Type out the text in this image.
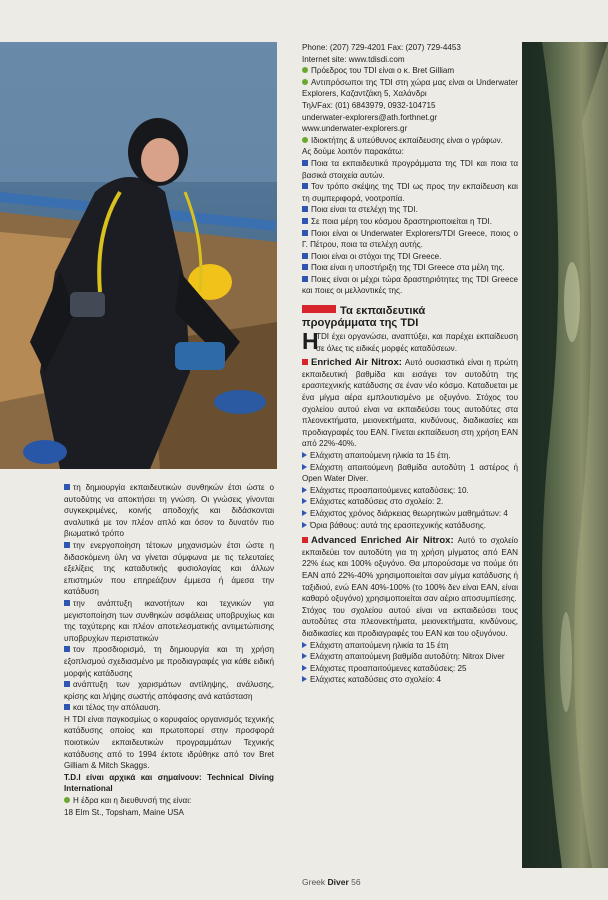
τη δημιουργία εκπαιδευτικών συνθηκών έτσι ώστε ο αυτοδύτης να αποκτήσει τη γνώση. Οι γνώσεις γίνονται συγκεκριμένες, κοινής αποδοχής και διδάσκονται αναλυτικά με τον πλέον απλό και όσον το δυνατόν πιο βιωματικό τρόπο

την ενεργοποίηση τέτοιων μηχανισμών έτσι ώστε η διδασκόμενη ύλη να γίνεται σύμφωνα με τις τελευταίες εξελίξεις της καταδυτικής φυσιολογίας και άλλων επιστημών που επηρεάζουν έμμεσα ή άμεσα την κατάδυση

την ανάπτυξη ικανοτήτων και τεχνικών για μεγιστοποίηση των συνθηκών ασφάλειας υποβρυχίως και της ταχύτερης και πλέον αποτελεσματικής αντιμετώπισης υποβρυχίων περιστατικών

τον προσδιορισμό, τη δημιουργία και τη χρήση εξοπλισμού σχεδιασμένο με προδιαγραφές για κάθε ειδική μορφής κατάδυσης

ανάπτυξη των χαρισμάτων αντίληψης, ανάλυσης, κρίσης και λήψης σωστής απόφασης ανά κατάσταση

και τέλος την απόλαυση.

Η TDI είναι παγκοσμίως ο κορυφαίος οργανισμός τεχνικής κατάδυσης οποίος και πρωτοπορεί στην προσφορά ποιοτικών εκπαιδευτικών προγραμμάτων Τεχνικής κατάδυσης από το 1994 έκτοτε ιδρύθηκε από τον Bret Gilliam & Mitch Skaggs.

T.D.I είναι αρχικά και σημαίνουν: Technical Diving International

Η έδρα και η διευθυνσή της είναι:

18 Elm St., Topsham, Maine USA

Phone: (207) 729-4201 Fax: (207) 729-4453

Internet site: www.tdisdi.com

Πρόεδρος του TDI είναι o κ. Bret Gilliam

Αντιπρόσωποι της TDI στη χώρα μας είναι οι Underwater Explorers, Καζαντζάκη 5, Χαλάνδρι

Τηλ/Fax: (01) 6843979, 0932-104715

underwater-explorers@ath.forthnet.gr

www.underwater-explorers.gr

Ιδιοκτήτης & υπεύθυνος εκπαίδευσης είναι ο γράφων.

Ας δούμε λοιπόν παρακάτω:

Ποια τα εκπαιδευτικά προγράμματα της TDI και ποια τα βασικά στοιχεία αυτών.

Τον τρόπο σκέψης της TDI ως προς την εκπαίδευση και τη συμπεριφορά, νοοτροπία.

Ποια είναι τα στελέχη της TDI.

Σε ποια μέρη του κόσμου δραστηριοποιείται η TDI.

Ποιοι είναι οι Underwater Explorers/TDI Greece, ποιος ο Γ. Πέτρου, ποια τα στελέχη αυτής.

Ποιοι είναι οι στόχοι της TDI Greece.

Ποια είναι η υποστήριξη της TDI Greece στα μέλη της.

Ποιες είναι οι μέχρι τώρα δραστηριότητες της TDI Greece και ποιες οι μελλοντικές της.

Τα εκπαιδευτικά
προγράμματα της TDI

Η
TDI έχει οργανώσει, αναπτύξει, και παρέχει εκπαίδευση σε όλες τις ειδικές μορφές καταδύσεων.

Enriched Air Nitrox: Αυτό ουσιαστικά είναι η πρώτη εκπαιδευτική βαθμίδα και εισάγει τον αυτοδύτη της ερασιτεχνικής κατάδυσης σε έναν νέο κόσμο. Καταδυεται με ένα μίγμα αέρα εμπλουτισμένο με οξυγόνο. Στόχος του σχολείου αυτού είναι να εκπαιδεύσει τους αυτοδύτες στα πλεονεκτήματα, μειονεκτήματα, κινδύνους, διαδικασίες και προδιαγραφές του EAN. Γίνεται εκπαίδευση στη χρήση EAN από 22%-40%.

Ελάχιστη απαιτούμενη ηλικία τα 15 έτη.

Ελάχιστη απαιτούμενη βαθμίδα αυτοδύτη 1 αστέρος ή Open Water Diver.

Ελάχιστες προαπαιτούμενες καταδύσεις: 10.

Ελάχιστες καταδύσεις στο σχολείο: 2.

Ελάχιστος χρόνος διάρκειας θεωρητικών μαθημάτων: 4

Όρια βάθους: αυτά της ερασιτεχνικής κατάδυσης.

Advanced Enriched Air Nitrox: Αυτό το σχολείο εκπαιδεύει τον αυτοδύτη για τη χρήση μίγματος από EAN 22% έως και 100% οξυγόνο. Θα μπορούσαμε να πούμε ότι EAN από 22%-40% χρησιμοποιείται σαν μίγμα κατάδυσης ή ταξιδιού, ενώ EAN 40%-100% (το 100% δεν είναι EAN, είναι καθαρό οξυγόνο) χρησιμοποιείται σαν αέριο αποσυμπίεσης.

Στόχος του σχολείου αυτού είναι να εκπαιδεύσει τους αυτοδύτες στα πλεονεκτήματα, μειονεκτήματα, κινδύνους, διαδικασίες και προδιαγραφές του EAN και του οξυγόνου.

Ελάχιστη απαιτούμενη ηλικία τα 15 έτη

Ελάχιστη απαιτούμενη βαθμίδα αυτοδύτη: Nitrox Diver

Ελάχιστες προαπαιτούμενες καταδύσεις: 25

Ελάχιστες καταδύσεις στο σχολείο: 4

Greek Diver 56
